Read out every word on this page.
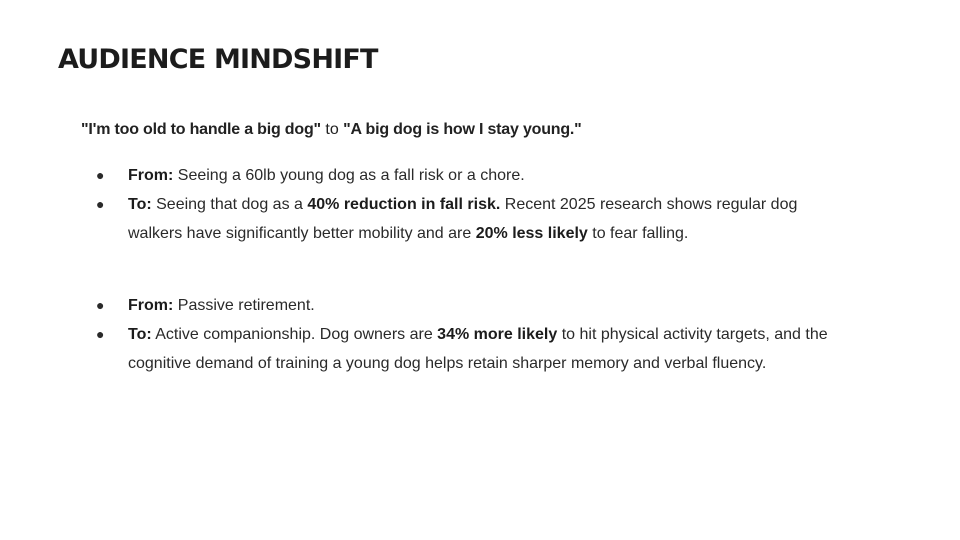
AUDIENCE MINDSHIFT

"I'm too old to handle a big dog" to "A big dog is how I stay young."

● From: Seeing a 60lb young dog as a fall risk or a chore.
● To: Seeing that dog as a 40% reduction in fall risk. Recent 2025 research shows regular dog walkers have significantly better mobility and are 20% less likely to fear falling.
● From: Passive retirement.
● To: Active companionship. Dog owners are 34% more likely to hit physical activity targets, and the cognitive demand of training a young dog helps retain sharper memory and verbal fluency.
